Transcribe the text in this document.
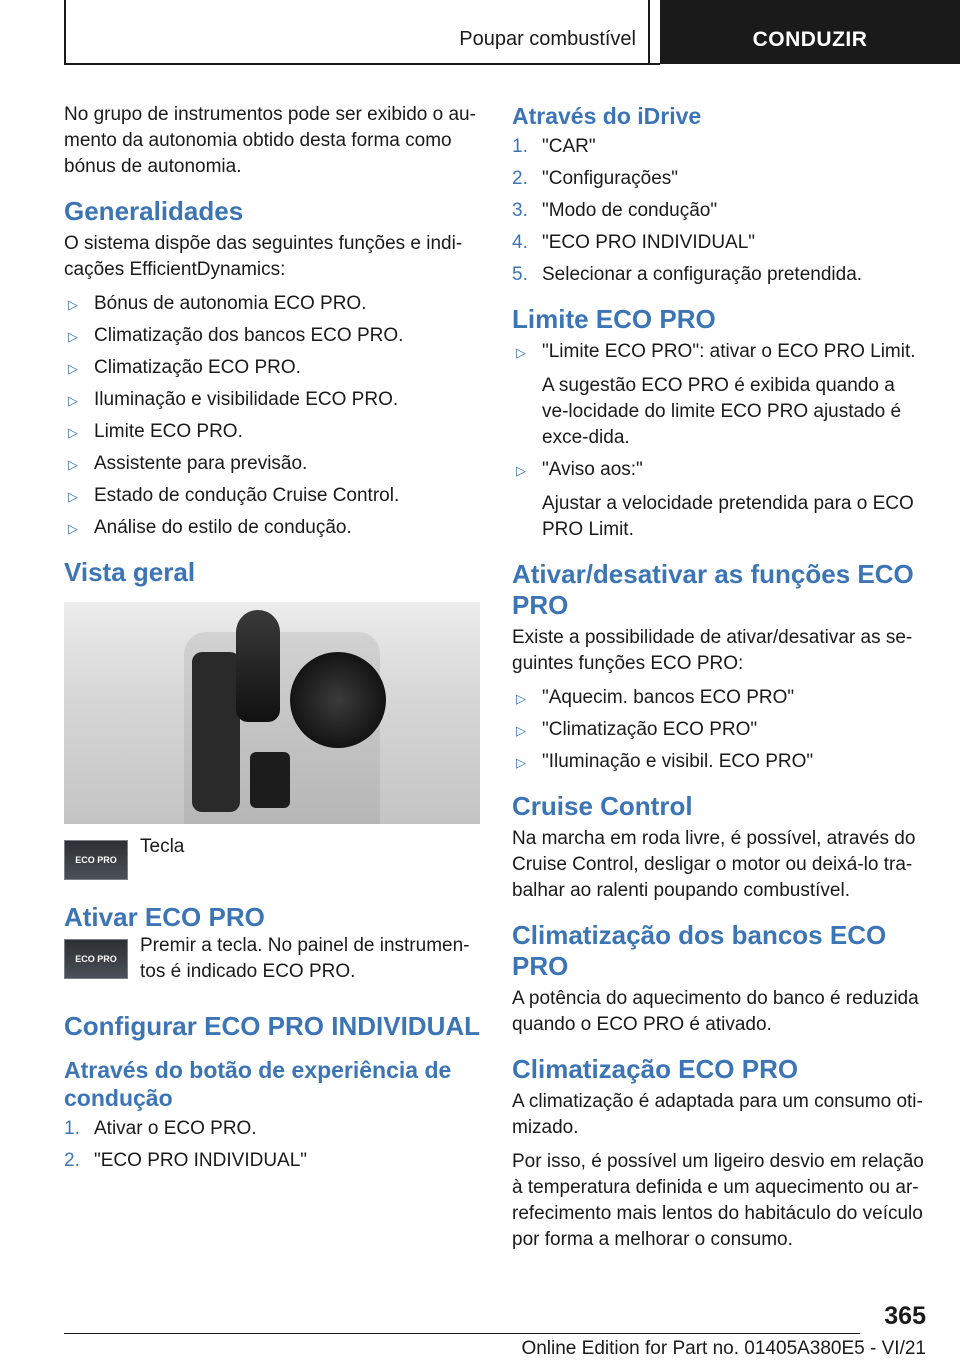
Poupar combustível	CONDUZIR

No grupo de instrumentos pode ser exibido o au-mento da autonomia obtido desta forma como bónus de autonomia.

Generalidades

O sistema dispõe das seguintes funções e indi-cações EfficientDynamics:

▷ Bónus de autonomia ECO PRO.
▷ Climatização dos bancos ECO PRO.
▷ Climatização ECO PRO.
▷ Iluminação e visibilidade ECO PRO.
▷ Limite ECO PRO.
▷ Assistente para previsão.
▷ Estado de condução Cruise Control.
▷ Análise do estilo de condução.
Vista geral
ECO PRO
Tecla
Ativar ECO PRO
ECO PRO
Premir a tecla. No painel de instrumen-tos é indicado ECO PRO.
Configurar ECO PRO INDIVIDUAL
Através do botão de experiência de condução
1. Ativar o ECO PRO.
2. "ECO PRO INDIVIDUAL"
Através do iDrive
1. "CAR"
2. "Configurações"
3. "Modo de condução"
4. "ECO PRO INDIVIDUAL"
5. Selecionar a configuração pretendida.
Limite ECO PRO
▷ "Limite ECO PRO": ativar o ECO PRO Limit.
A sugestão ECO PRO é exibida quando a ve-locidade do limite ECO PRO ajustado é exce-dida.
▷ "Aviso aos:"
Ajustar a velocidade pretendida para o ECO PRO Limit.
Ativar/desativar as funções ECO PRO

Existe a possibilidade de ativar/desativar as se-guintes funções ECO PRO:

▷ "Aquecim. bancos ECO PRO"
▷ "Climatização ECO PRO"
▷ "Iluminação e visibil. ECO PRO"
Cruise Control

Na marcha em roda livre, é possível, através do Cruise Control, desligar o motor ou deixá-lo tra-balhar ao ralenti poupando combustível.

Climatização dos bancos ECO PRO

A potência do aquecimento do banco é reduzida quando o ECO PRO é ativado.

Climatização ECO PRO

A climatização é adaptada para um consumo oti-mizado.

Por isso, é possível um ligeiro desvio em relação à temperatura definida e um aquecimento ou ar-refecimento mais lentos do habitáculo do veículo por forma a melhorar o consumo.

365
Online Edition for Part no. 01405A380E5 - VI/21
